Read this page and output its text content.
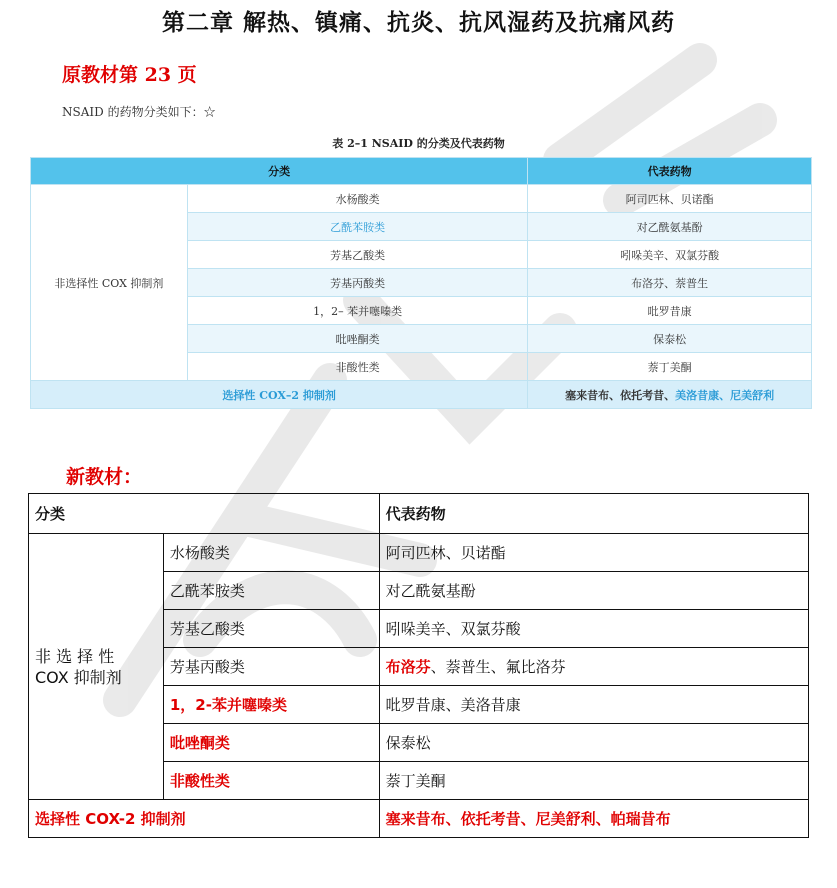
第二章 解热、镇痛、抗炎、抗风湿药及抗痛风药
原教材第 23 页
NSAID 的药物分类如下：☆
表 2–1 NSAID 的分类及代表药物
分类		代表药物
非选择性 COX 抑制剂	水杨酸类	阿司匹林、贝诺酯
	乙酰苯胺类	对乙酰氨基酚
	芳基乙酸类	吲哚美辛、双氯芬酸
	芳基丙酸类	布洛芬、萘普生
	1，2– 苯并噻嗪类	吡罗昔康
	吡唑酮类	保泰松
	非酸性类	萘丁美酮
选择性 COX–2 抑制剂		塞来昔布、依托考昔、美洛昔康、尼美舒利
新教材：
分类		代表药物
非 选 择 性
COX 抑制剂	水杨酸类	阿司匹林、贝诺酯
	乙酰苯胺类	对乙酰氨基酚
	芳基乙酸类	吲哚美辛、双氯芬酸
	芳基丙酸类	布洛芬、萘普生、氟比洛芬
	1，2-苯并噻嗪类	吡罗昔康、美洛昔康
	吡唑酮类	保泰松
	非酸性类	萘丁美酮
选择性 COX-2 抑制剂		塞来昔布、依托考昔、尼美舒利、帕瑞昔布
